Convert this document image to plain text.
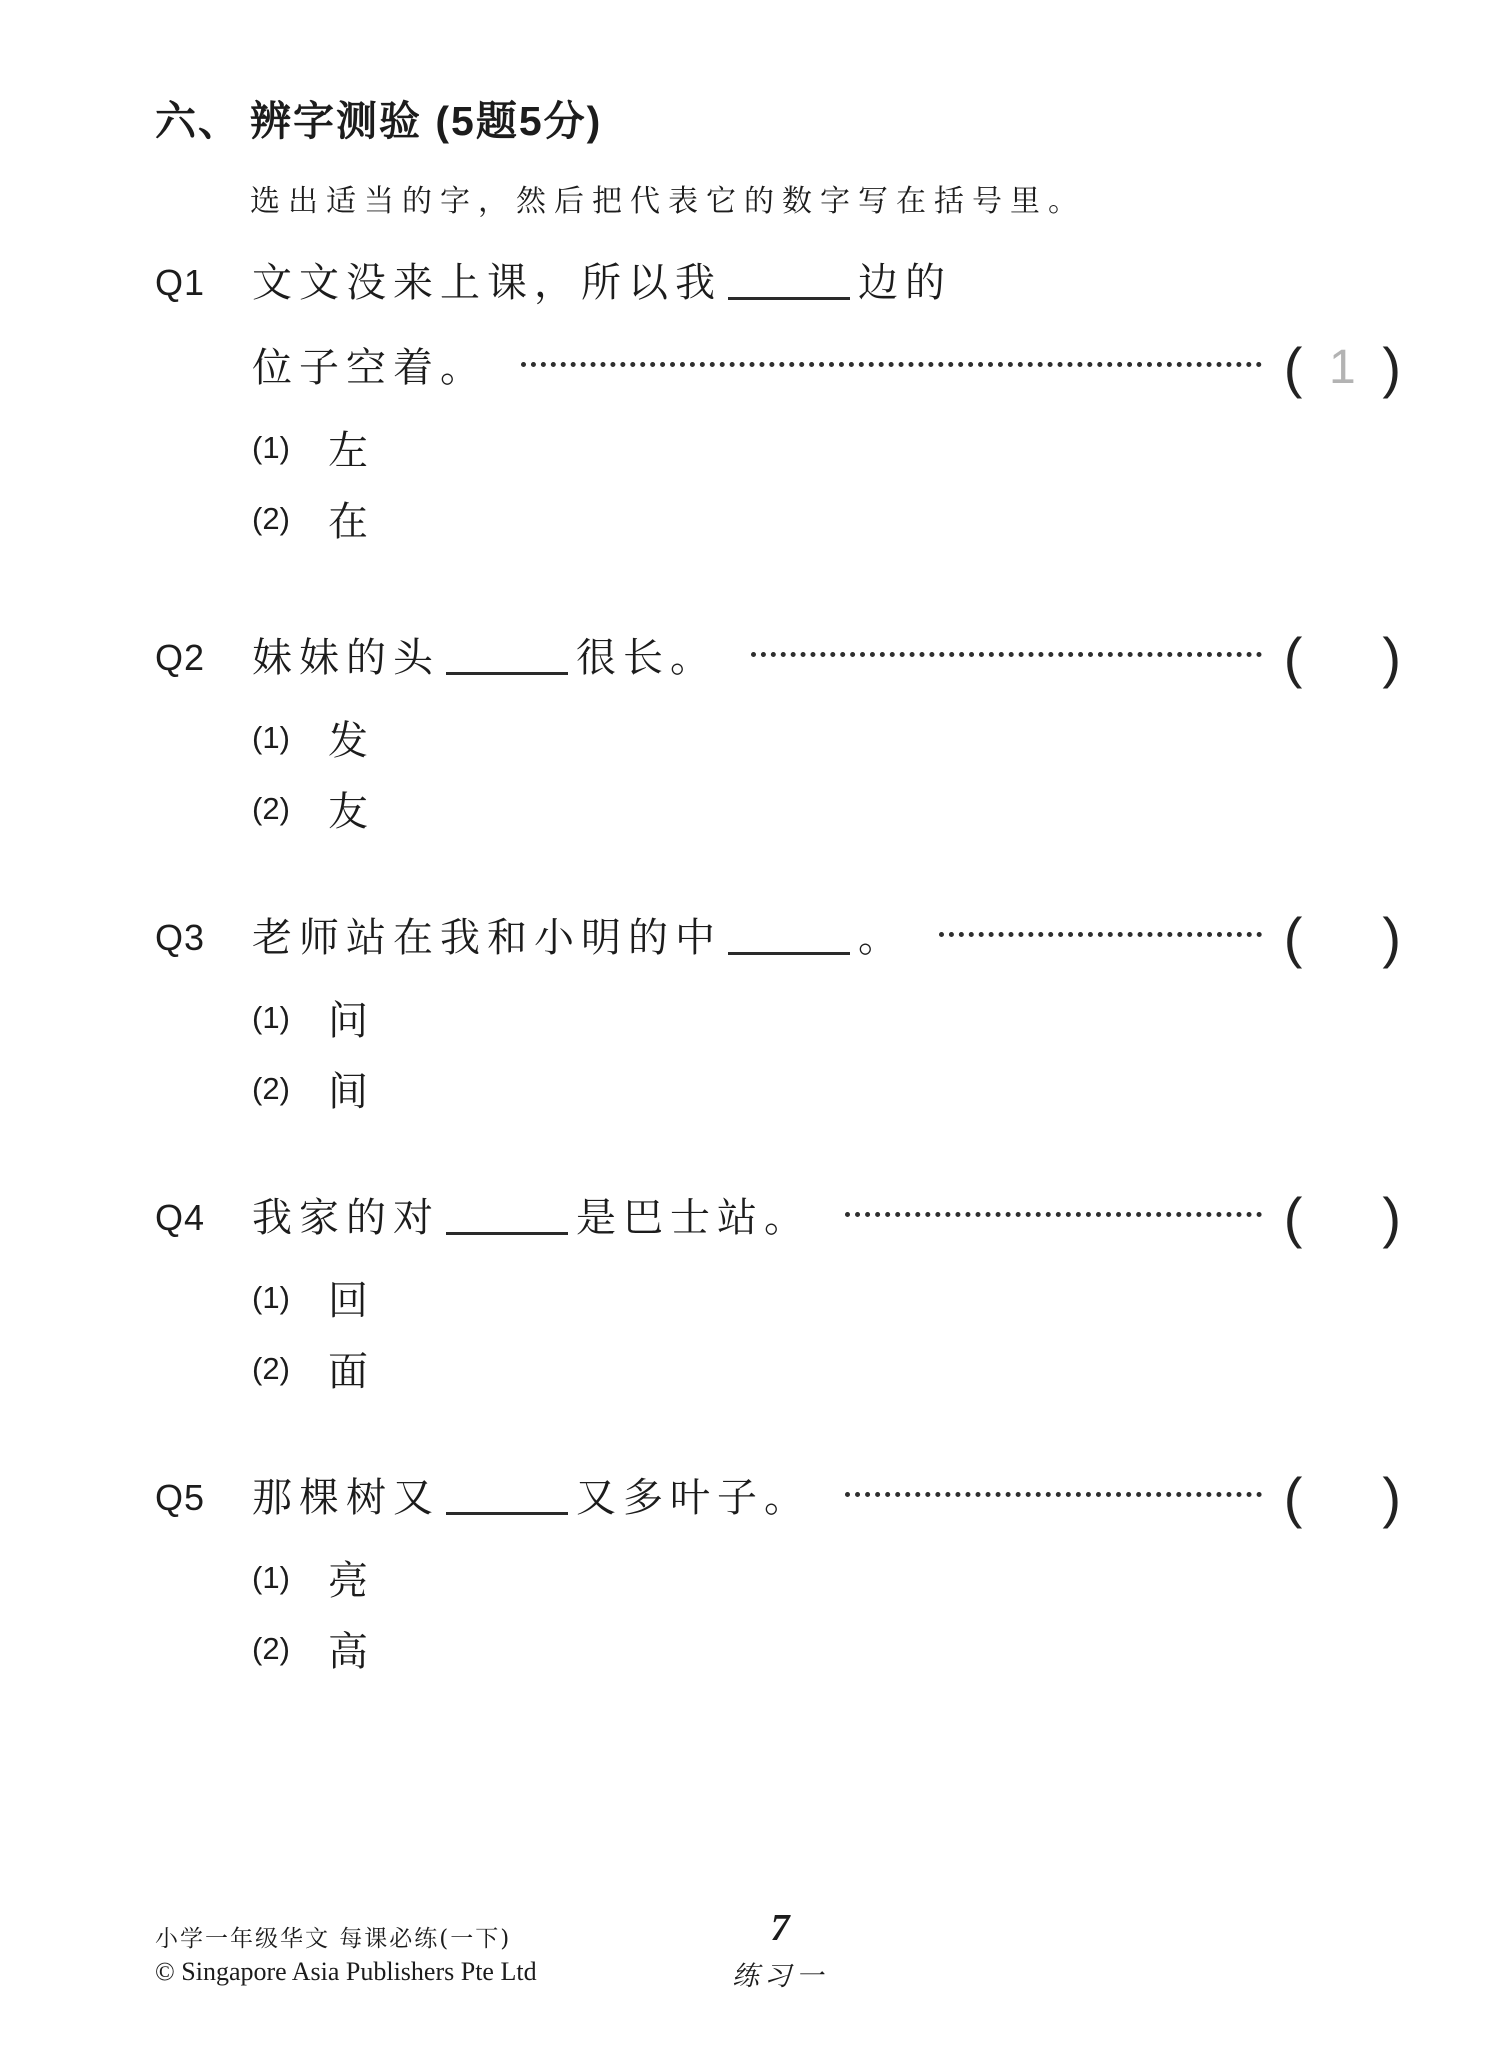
六、 辨字测验 (5题5分)
选出适当的字，然后把代表它的数字写在括号里。
Q1	文文没来上课，所以我	边的
位子空着。	( 1 )
(1) 左
(2) 在
Q2	妹妹的头	很长。	( )
(1) 发
(2) 友
Q3	老师站在我和小明的中	。	( )
(1) 问
(2) 间
Q4	我家的对	是巴士站。	( )
(1) 回
(2) 面
Q5	那棵树又	又多叶子。	( )
(1) 亮
(2) 高
小学一年级华文 每课必练(一下)
© Singapore Asia Publishers Pte Ltd
7
练习一
